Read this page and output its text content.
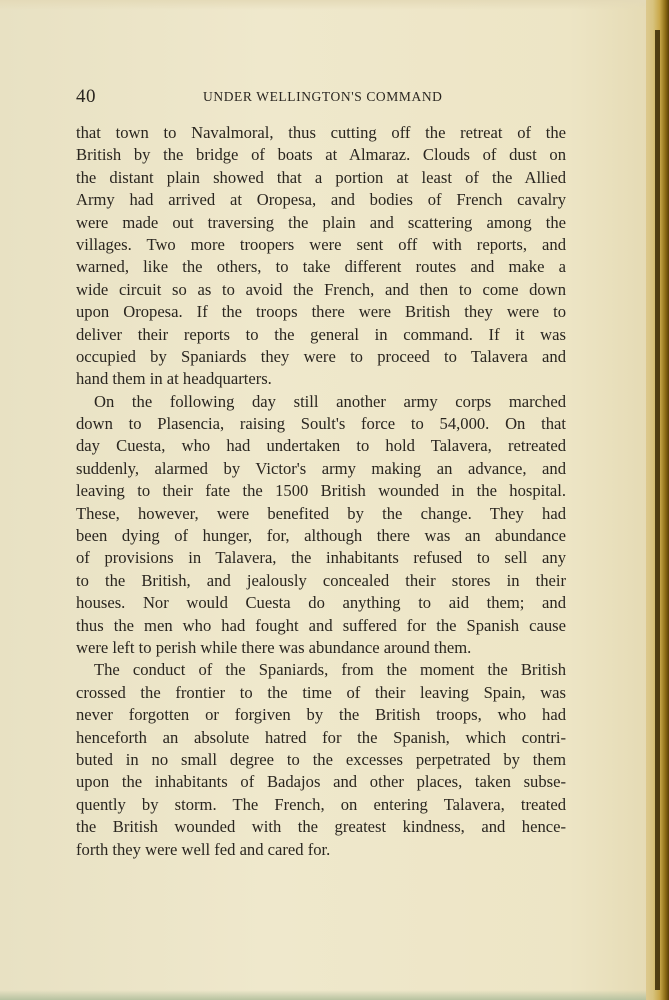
40	UNDER WELLINGTON'S COMMAND
that town to Navalmoral, thus cutting off the retreat of the
British by the bridge of boats at Almaraz. Clouds of dust on
the distant plain showed that a portion at least of the Allied
Army had arrived at Oropesa, and bodies of French cavalry
were made out traversing the plain and scattering among the
villages. Two more troopers were sent off with reports, and
warned, like the others, to take different routes and make a
wide circuit so as to avoid the French, and then to come down
upon Oropesa. If the troops there were British they were to
deliver their reports to the general in command. If it was
occupied by Spaniards they were to proceed to Talavera and
hand them in at headquarters.
On the following day still another army corps marched
down to Plasencia, raising Soult's force to 54,000. On that
day Cuesta, who had undertaken to hold Talavera, retreated
suddenly, alarmed by Victor's army making an advance, and
leaving to their fate the 1500 British wounded in the hospital.
These, however, were benefited by the change. They had
been dying of hunger, for, although there was an abundance
of provisions in Talavera, the inhabitants refused to sell any
to the British, and jealously concealed their stores in their
houses. Nor would Cuesta do anything to aid them; and
thus the men who had fought and suffered for the Spanish cause
were left to perish while there was abundance around them.
The conduct of the Spaniards, from the moment the British
crossed the frontier to the time of their leaving Spain, was
never forgotten or forgiven by the British troops, who had
henceforth an absolute hatred for the Spanish, which contri-
buted in no small degree to the excesses perpetrated by them
upon the inhabitants of Badajos and other places, taken subse-
quently by storm. The French, on entering Talavera, treated
the British wounded with the greatest kindness, and hence-
forth they were well fed and cared for.
